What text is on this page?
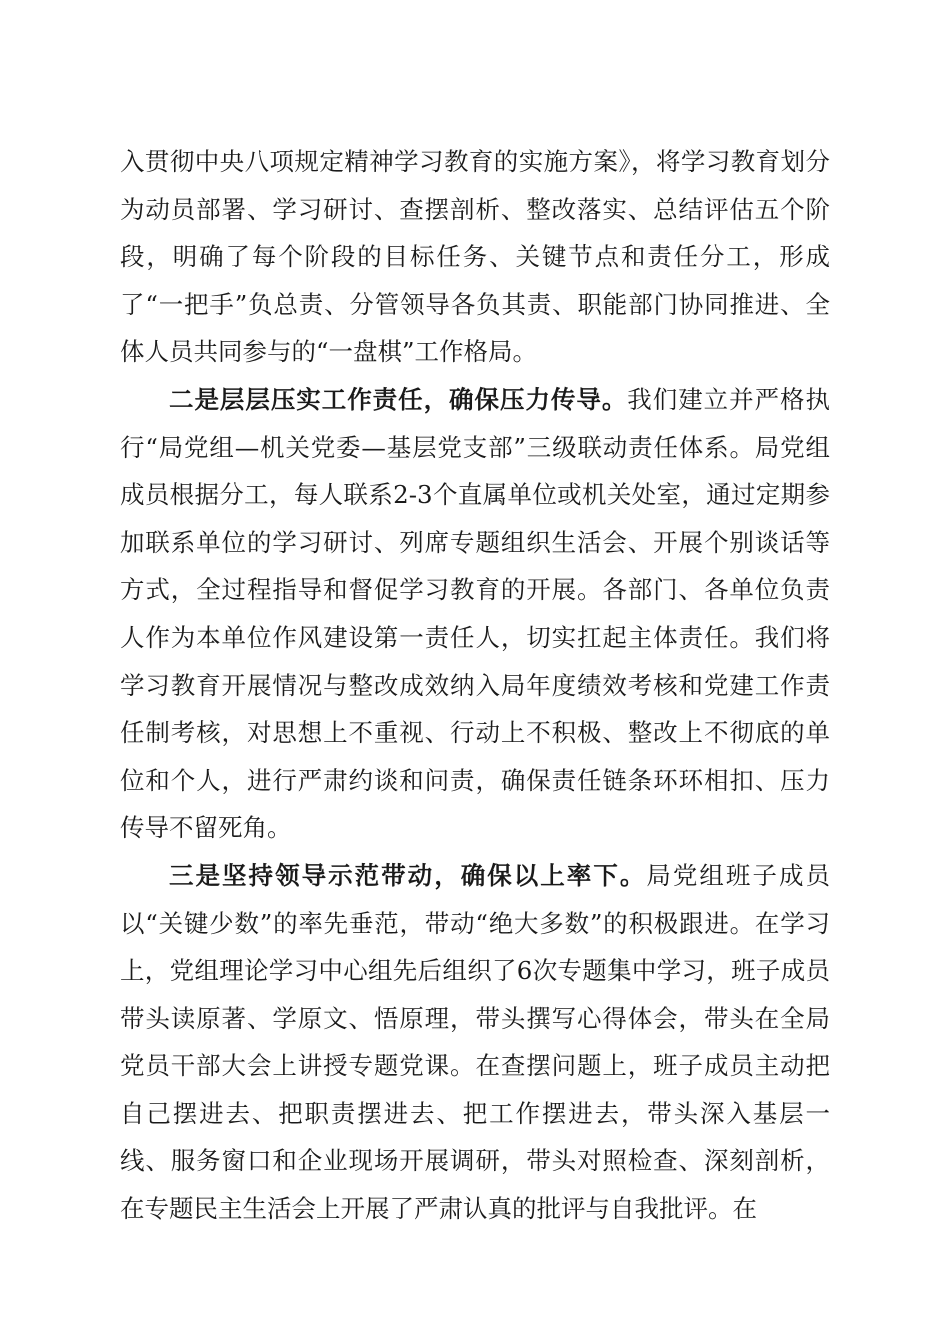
入贯彻中央八项规定精神学习教育的实施方案》，将学习教育划分为动员部署、学习研讨、查摆剖析、整改落实、总结评估五个阶段，明确了每个阶段的目标任务、关键节点和责任分工，形成了“一把手”负总责、分管领导各负其责、职能部门协同推进、全体人员共同参与的“一盘棋”工作格局。

二是层层压实工作责任，确保压力传导。我们建立并严格执行“局党组—机关党委—基层党支部”三级联动责任体系。局党组成员根据分工，每人联系2-3个直属单位或机关处室，通过定期参加联系单位的学习研讨、列席专题组织生活会、开展个别谈话等方式，全过程指导和督促学习教育的开展。各部门、各单位负责人作为本单位作风建设第一责任人，切实扛起主体责任。我们将学习教育开展情况与整改成效纳入局年度绩效考核和党建工作责任制考核，对思想上不重视、行动上不积极、整改上不彻底的单位和个人，进行严肃约谈和问责，确保责任链条环环相扣、压力传导不留死角。

三是坚持领导示范带动，确保以上率下。局党组班子成员以“关键少数”的率先垂范，带动“绝大多数”的积极跟进。在学习上，党组理论学习中心组先后组织了6次专题集中学习，班子成员带头读原著、学原文、悟原理，带头撰写心得体会，带头在全局党员干部大会上讲授专题党课。在查摆问题上，班子成员主动把自己摆进去、把职责摆进去、把工作摆进去，带头深入基层一线、服务窗口和企业现场开展调研，带头对照检查、深刻剖析，在专题民主生活会上开展了严肃认真的批评与自我批评。在
